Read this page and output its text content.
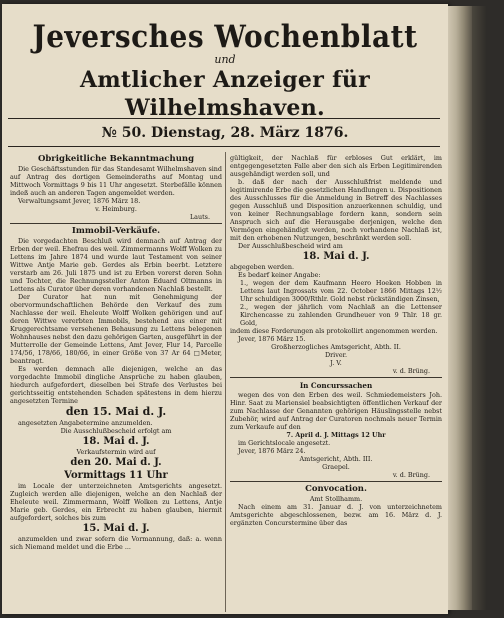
Jeversches Wochenblatt
und
Amtlicher Anzeiger für Wilhelmshaven.
№ 50. Dienstag, 28. März 1876.
Obrigkeitliche Bekanntmachung

Die Geschäftsstunden für das Standesamt Wilhelmshaven sind auf Antrag des dortigen Gemeinderaths auf Montag und Mittwoch Vormittags 9 bis 11 Uhr angesetzt. Sterbefälle können indeß auch an anderen Tagen angemeldet werden.

Verwaltungsamt Jever, 1876 März 18.

v. Heimburg.
Lauts.
Immobil-Verkäufe.

Die vorgedachten Beschluß wird demnach auf Antrag der Erben der weil. Ehefrau des weil. Zimmermanns Wolff Wolken zu Lettens im Jahre 1874 und wurde laut Testament von seiner Wittwe Antje Marie geb. Gerdes als Erbin beerbt. Letztere verstarb am 26. Juli 1875 und ist zu Erben vorerst deren Sohn und Tochter, die Rechnungssteller Anton Eduard Oltmanns in Lettens als Curator über deren vorhandenen Nachlaß bestellt.

Der Curator hat nun mit Genehmigung der obervormundschaftlichen Behörde den Verkauf des zum Nachlasse der weil. Eheleute Wolff Wolken gehörigen und auf deren Wittwe vererbten Immobils, bestehend aus einer mit Kruggerechtsame versehenen Behausung zu Lettens belegenen Wohnhauses nebst den dazu gehörigen Garten, ausgeführt in der Mutterrolle der Gemeinde Lettens, Amt Jever, Flur 14, Parcelle 174/56, 178/66, 180/66, in einer Größe von 37 Ar 64 □Meter, beantragt.

Es werden demnach alle diejenigen, welche an das vorgedachte Immobil dingliche Ansprüche zu haben glauben, hiedurch aufgefordert, dieselben bei Strafe des Verlustes bei gerichtsseitig entstehenden Schaden spätestens in dem hierzu angesetzten Termine

den 15. Mai d. J.

angesetzten Angabetermine anzumelden.

Die Ausschlußbescheid erfolgt am

18. Mai d. J.

Verkaufstermin wird auf

den 20. Mai d. J.
Vormittags 11 Uhr

im Locale der unterzeichneten Amtsgerichts angesetzt. Zugleich werden alle diejenigen, welche an den Nachlaß der Eheleute weil. Zimmermann, Wolff Wolken zu Lettens, Antje Marie geb. Gerdes, ein Erbrecht zu haben glauben, hiermit aufgefordert, solches bis zum

15. Mai d. J.

anzumelden und zwar sofern die Vormannung, daß: a. wenn sich Niemand meldet und die Erbe ...

gültigkeit, der Nachlaß für erbloses Gut erklärt, im entgegengesetzten Falle aber den sich als Erben Legitimirenden ausgehändigt werden soll, und

b. daß der nach der Ausschlußfrist meldende und legitimirende Erbe die gesetzlichen Handlungen u. Dispositionen des Ausschlusses für die Anmeldung in Betreff des Nachlasses gegen Ausschluß und Disposition anzuerkennen schuldig, und von keiner Rechnungsablage fordern kann, sondern sein Anspruch sich auf die Herausgabe derjenigen, welche den Vermögen eingehändigt werden, noch vorhandene Nachlaß ist, mit den erhobenen Nutzungen, beschränkt werden soll.

Der Ausschlußbescheid wird am

18. Mai d. J.

abgegeben werden.

Es bedarf keiner Angabe:

1., wegen der dem Kaufmann Heero Hoeken Hobben in Lettens laut Ingrossats vom 22. October 1866 Mittags 12½ Uhr schuldigen 3000/Rthlr. Gold nebst rückständigen Zinsen,

2., wegen der jährlich vom Nachlaß an die Lettenser Kirchencasse zu zahlenden Grundheuer von 9 Thlr. 18 gr. Gold,

indem diese Forderungen als protokollirt angenommen werden.

Jever, 1876 März 15.

Großherzogliches Amtsgericht, Abth. II.
Driver.
J. V.
v. d. Brüng.
In Concurssachen

wegen des von den Erben des weil. Schmiedemeisters Joh. Hinr. Saat zu Mariensiel beabsichtigten öffentlichen Verkauf der zum Nachlasse der Genannten gehörigen Häuslingsstelle nebst Zubehör, wird auf Antrag der Curatoren nochmals neuer Termin zum Verkaufe auf den

7. April d. J. Mittags 12 Uhr

im Gerichtslocale angesetzt.

Jever, 1876 März 24.

Amtsgericht, Abth. III.
Graepel.
v. d. Brüng.
Convocation.
Amt Stollhamm.

Nach einem am 31. Januar d. J. von unterzeichnetem Amtsgerichte abgeschlossenen, bezw. am 16. März d. J. ergänzten Concurstermine über das
